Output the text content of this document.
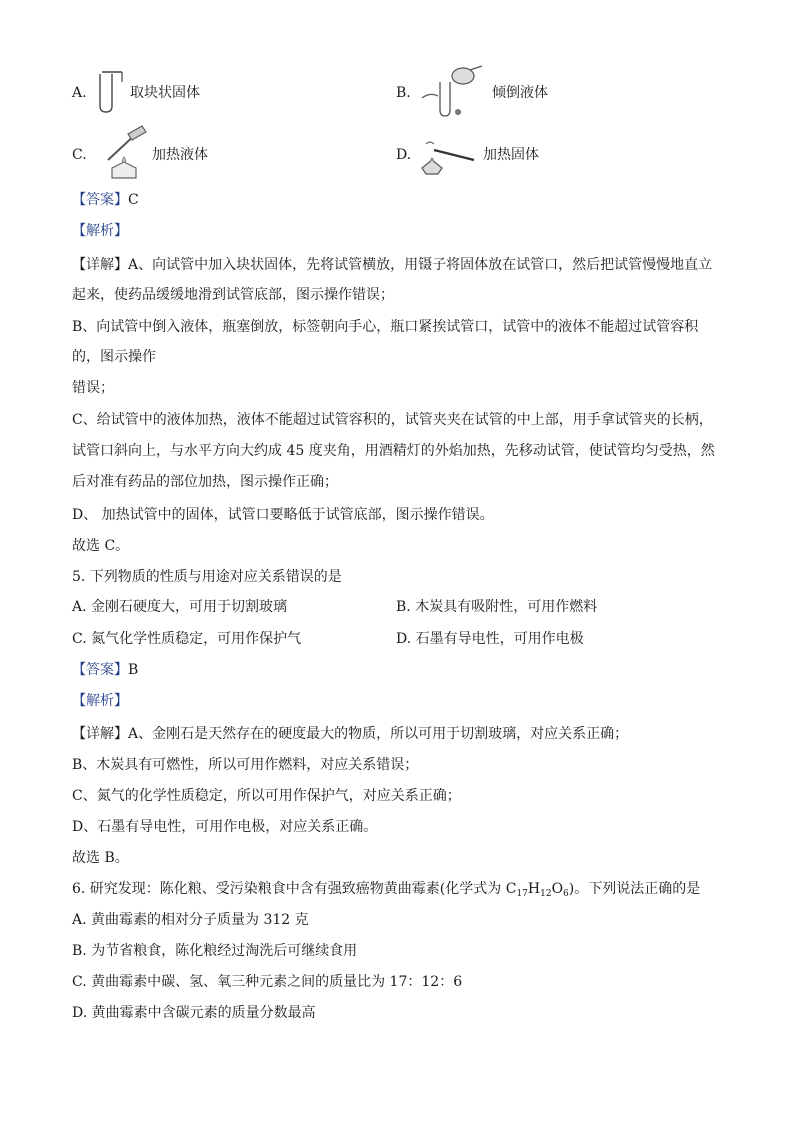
A.	取块状固体	B.	倾倒液体
C.	加热液体	D.	加热固体
【答案】C
【解析】
【详解】A、向试管中加入块状固体，先将试管横放，用镊子将固体放在试管口，然后把试管慢慢地直立
起来，使药品缓缓地滑到试管底部，图示操作错误；
B、向试管中倒入液体，瓶塞倒放，标签朝向手心，瓶口紧挨试管口，试管中的液体不能超过试管容积
的，图示操作
错误；
C、给试管中的液体加热，液体不能超过试管容积的，试管夹夹在试管的中上部，用手拿试管夹的长柄，
试管口斜向上，与水平方向大约成 45 度夹角，用酒精灯的外焰加热，先移动试管，使试管均匀受热，然
后对准有药品的部位加热，图示操作正确；
D、 加热试管中的固体，试管口要略低于试管底部，图示操作错误。
故选 C。
5. 下列物质的性质与用途对应关系错误的是
A. 金刚石硬度大，可用于切割玻璃	B. 木炭具有吸附性，可用作燃料
C. 氮气化学性质稳定，可用作保护气	D. 石墨有导电性，可用作电极
【答案】B
【解析】
【详解】A、金刚石是天然存在的硬度最大的物质，所以可用于切割玻璃，对应关系正确；
B、木炭具有可燃性，所以可用作燃料，对应关系错误；
C、氮气的化学性质稳定，所以可用作保护气，对应关系正确；
D、石墨有导电性，可用作电极，对应关系正确。
故选 B。
6. 研究发现：陈化粮、受污染粮食中含有强致癌物黄曲霉素(化学式为 $C_{17}H_{12}O_6$)。下列说法正确的是
A. 黄曲霉素的相对分子质量为 312 克
B. 为节省粮食，陈化粮经过淘洗后可继续食用
C. 黄曲霉素中碳、氢、氧三种元素之间的质量比为 17：12：6
D. 黄曲霉素中含碳元素的质量分数最高
